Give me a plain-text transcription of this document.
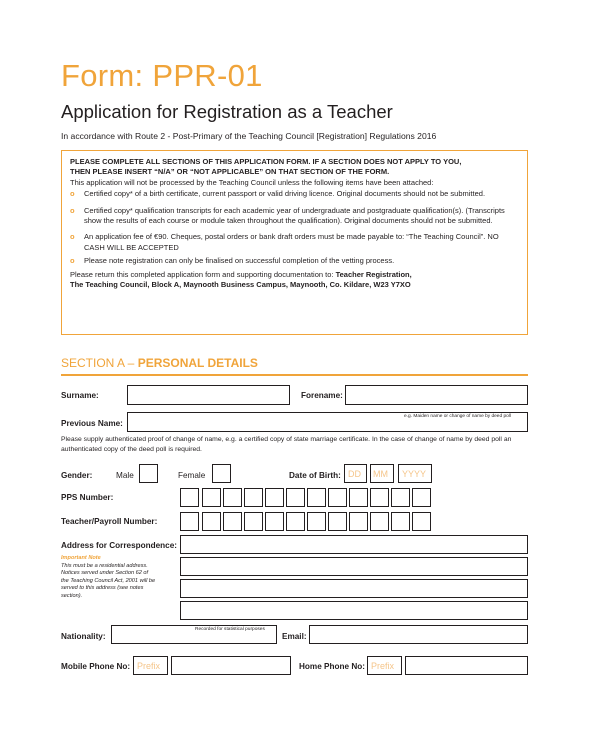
Form: PPR-01
Application for Registration as a Teacher
In accordance with Route 2 - Post-Primary of the Teaching Council [Registration] Regulations 2016

PLEASE COMPLETE ALL SECTIONS OF THIS APPLICATION FORM. IF A SECTION DOES NOT APPLY TO YOU,

THEN PLEASE INSERT “N/A” OR “NOT APPLICABLE” ON THAT SECTION OF THE FORM.

This application will not be processed by the Teaching Council unless the following items have been attached:

o Certified copy* of a birth certificate, current passport or valid driving licence. Original documents should not be submitted.

o Certified copy* qualification transcripts for each academic year of undergraduate and postgraduate qualification(s). (Transcripts show the results of each course or module taken throughout the qualification). Original documents should not be submitted.

o An application fee of €90. Cheques, postal orders or bank draft orders must be made payable to: “The Teaching Council”. NO CASH WILL BE ACCEPTED

o Please note registration can only be finalised on successful completion of the vetting process.

Please return this completed application form and supporting documentation to: Teacher Registration,

The Teaching Council, Block A, Maynooth Business Campus, Maynooth, Co. Kildare, W23 Y7XO

SECTION A – PERSONAL DETAILS
Surname:	Forename:
Previous Name:
e.g. Maiden name or change of name by deed poll
Please supply authenticated proof of change of name, e.g. a certified copy of state marriage certificate. In the case of change of name by deed poll an authenticated copy of the deed poll is required.
Gender:	Male	Female	Date of Birth: DD MM YYYY
PPS Number:
Teacher/Payroll Number:
Address for Correspondence:
Important Note
This must be a residential address. Notices served under Section 62 of the Teaching Council Act, 2001 will be served to this address (see notes section).
Nationality:
Recorded for statistical purposes
Email:
Mobile Phone No: Prefix	Home Phone No: Prefix
